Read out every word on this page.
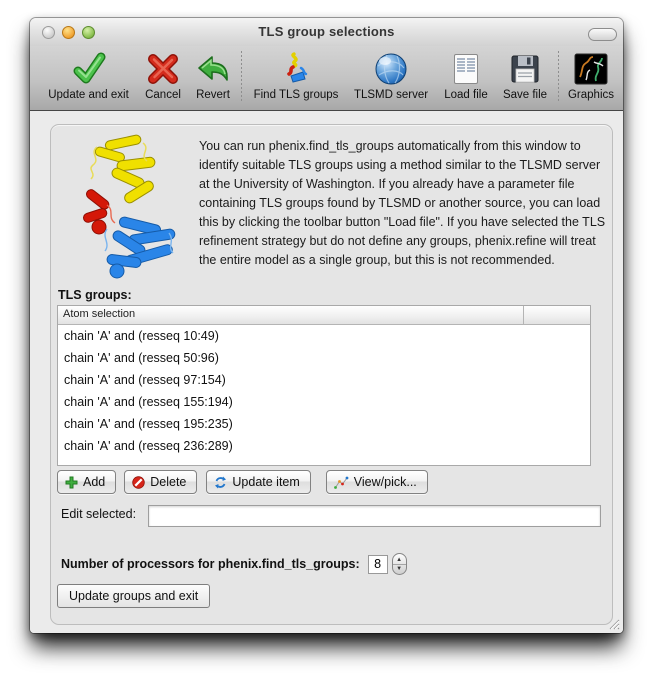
TLS group selections
Update and exit Cancel Revert Find TLS groups TLSMD server Load file Save file Graphics
You can run phenix.find_tls_groups automatically from this window to identify suitable TLS groups using a method similar to the TLSMD server at the University of Washington. If you already have a parameter file containing TLS groups found by TLSMD or another source, you can load this by clicking the toolbar button "Load file". If you have selected the TLS refinement strategy but do not define any groups, phenix.refine will treat the entire model as a single group, but this is not recommended.
TLS groups:
Atom selection
chain 'A' and (resseq 10:49)
chain 'A' and (resseq 50:96)
chain 'A' and (resseq 97:154)
chain 'A' and (resseq 155:194)
chain 'A' and (resseq 195:235)
chain 'A' and (resseq 236:289)
Add	Delete	Update item	View/pick...
Edit selected:
Number of processors for phenix.find_tls_groups:
8	▲
▼
Update groups and exit
